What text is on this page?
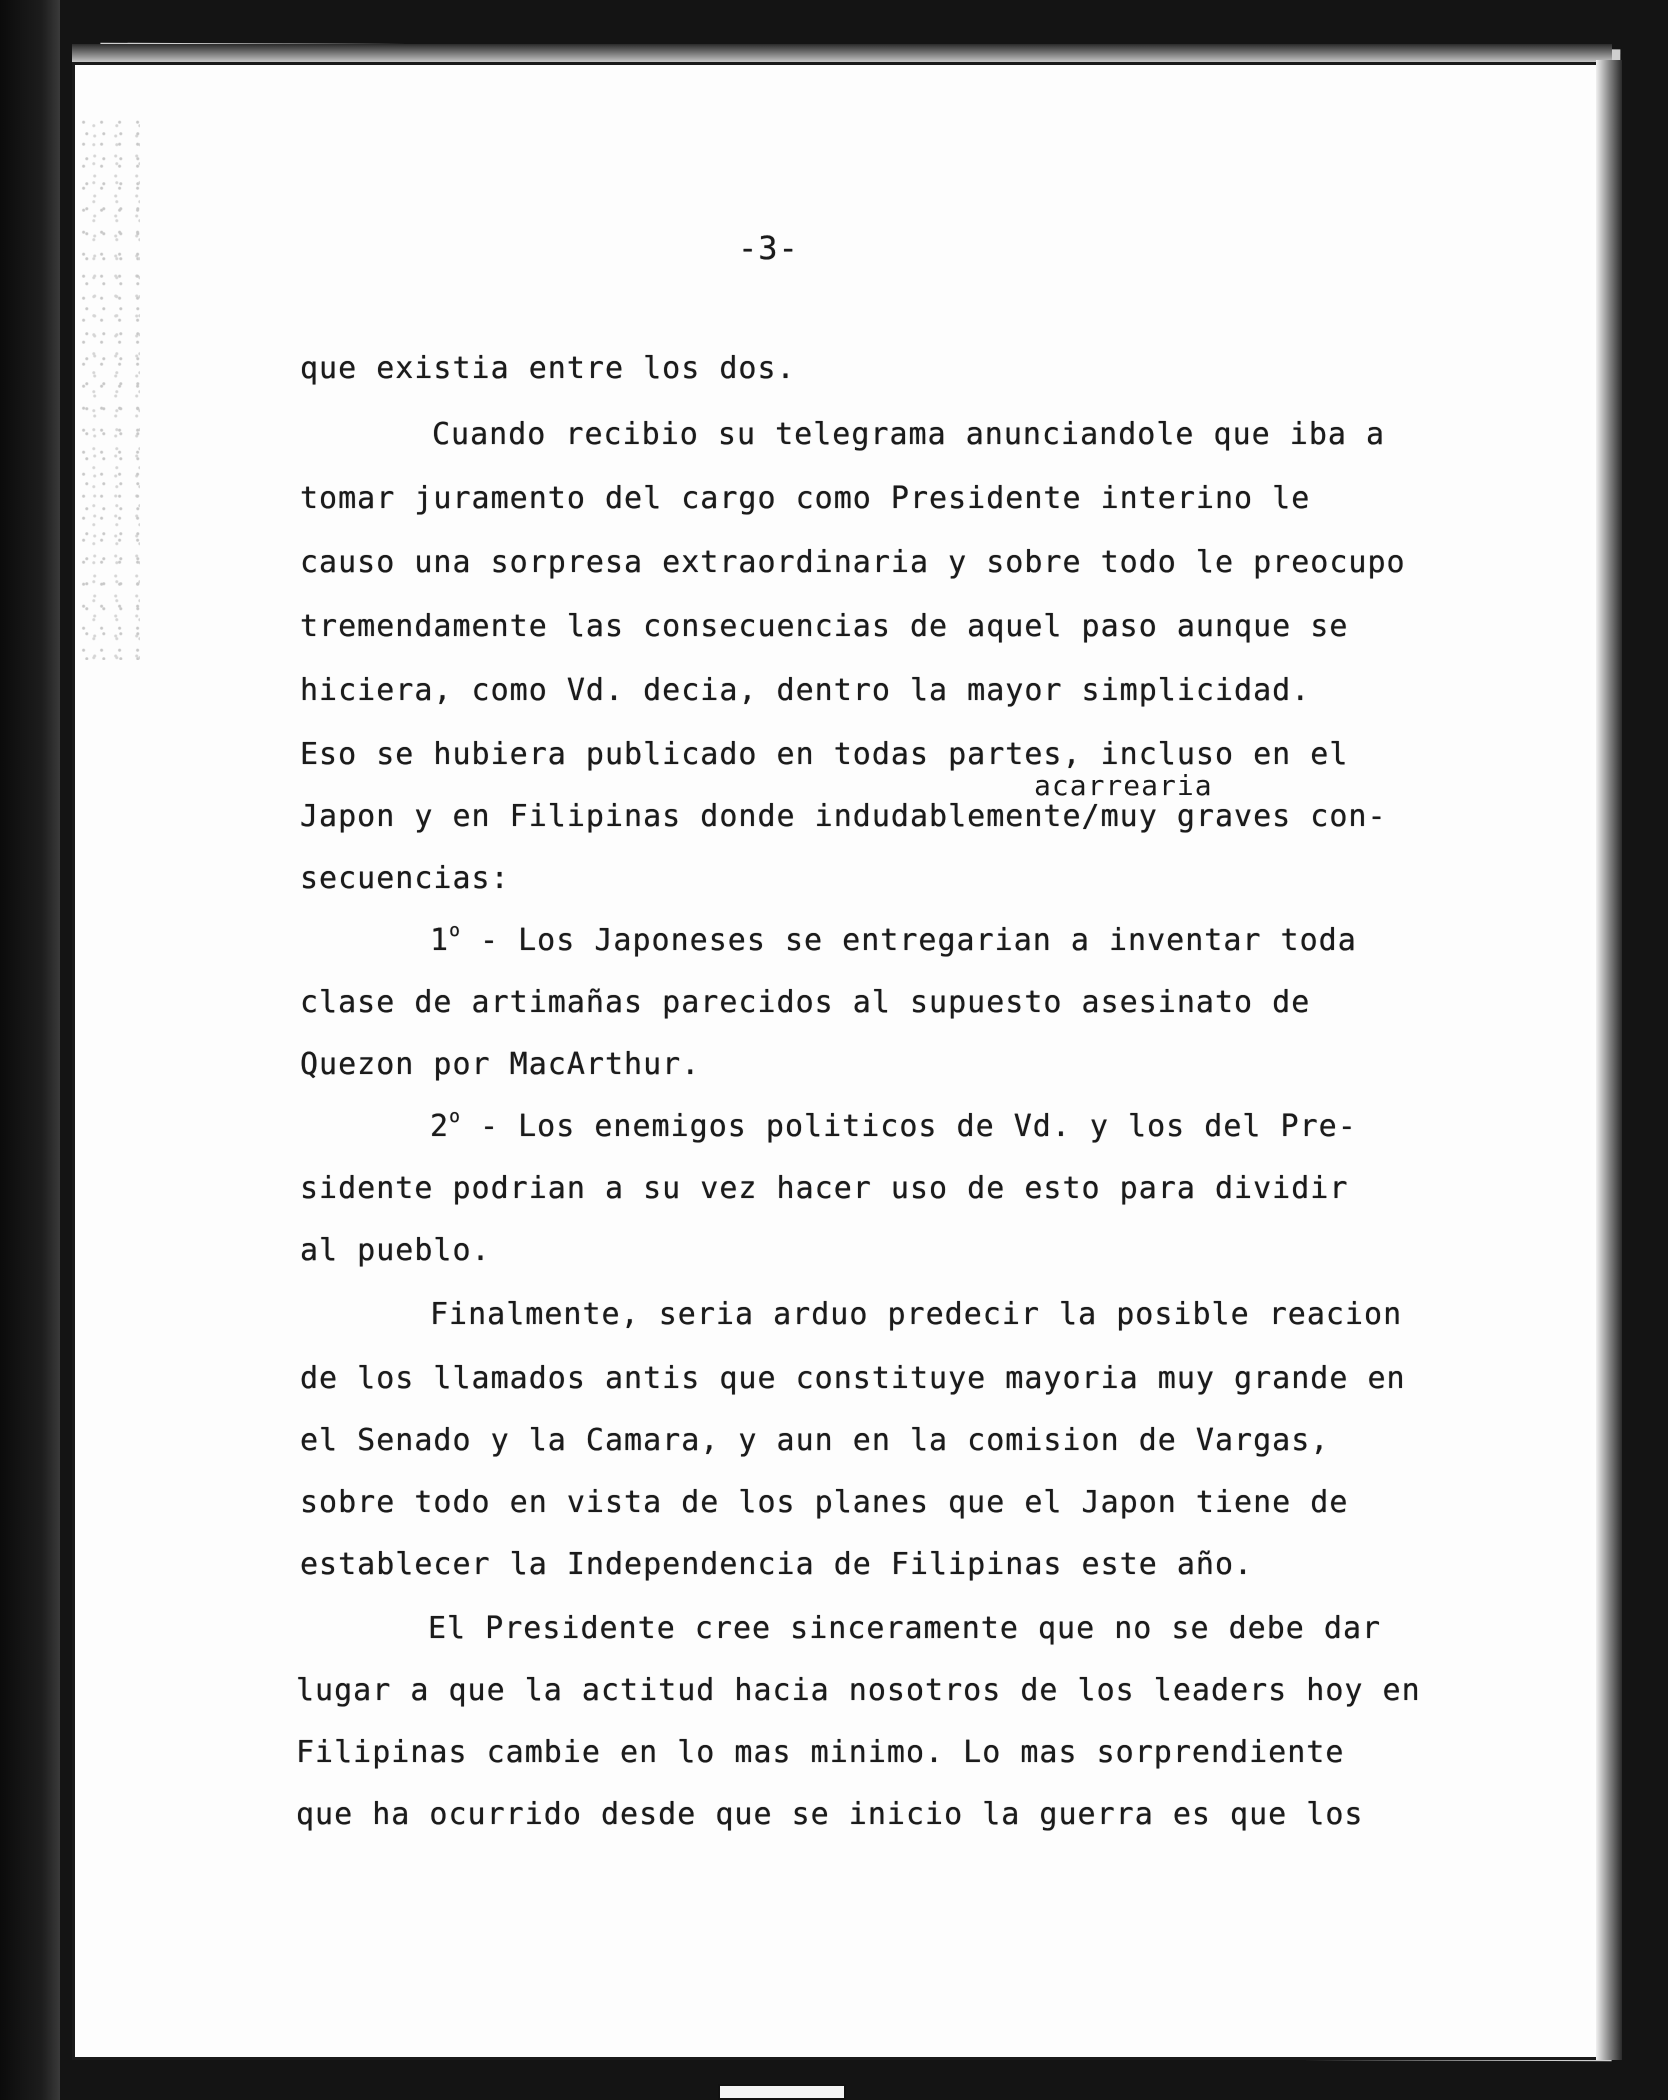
-3-
que existia entre los dos.
Cuando recibio su telegrama anunciandole que iba a
tomar juramento del cargo como Presidente interino le
causo una sorpresa extraordinaria y sobre todo le preocupo
tremendamente las consecuencias de aquel paso aunque se
hiciera, como Vd. decia, dentro la mayor simplicidad.
Eso se hubiera publicado en todas partes, incluso en el
acarrearia
Japon y en Filipinas donde indudablemente/muy graves con-
secuencias:
1$^o$ - Los Japoneses se entregarian a inventar toda
clase de artimañas parecidos al supuesto asesinato de
Quezon por MacArthur.
2$^o$ - Los enemigos politicos de Vd. y los del Pre-
sidente podrian a su vez hacer uso de esto para dividir
al pueblo.
Finalmente, seria arduo predecir la posible reacion
de los llamados antis que constituye mayoria muy grande en
el Senado y la Camara, y aun en la comision de Vargas,
sobre todo en vista de los planes que el Japon tiene de
establecer la Independencia de Filipinas este año.
El Presidente cree sinceramente que no se debe dar
lugar a que la actitud hacia nosotros de los leaders hoy en
Filipinas cambie en lo mas minimo. Lo mas sorprendiente
que ha ocurrido desde que se inicio la guerra es que los
